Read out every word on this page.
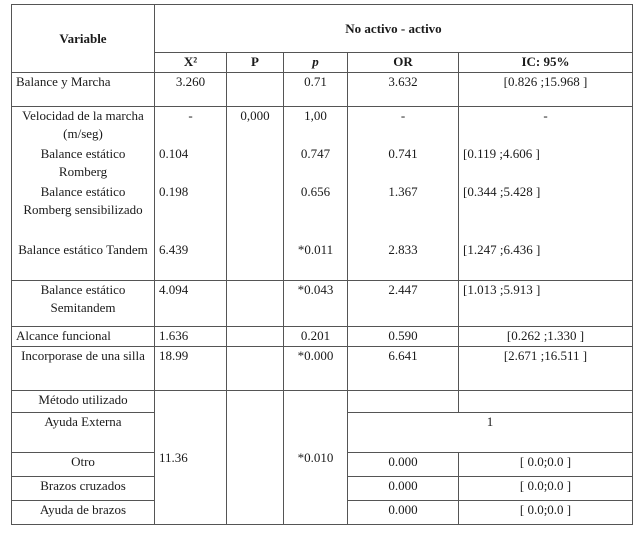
Variable	No activo - activo				
	X²	P	p	OR	IC: 95%
Balance y Marcha	3.260		0.71	3.632	[0.826 ;15.968 ]
Velocidad de la marcha (m/seg)	-	0,000	1,00	-	-
Balance estático Romberg	0.104		0.747	0.741	[0.119 ;4.606 ]
Balance estático Romberg sensibilizado	0.198		0.656	1.367	[0.344 ;5.428 ]
Balance estático Tandem	6.439		*0.011	2.833	[1.247 ;6.436 ]
Balance estático Semitandem	4.094		*0.043	2.447	[1.013 ;5.913 ]
Alcance funcional	1.636		0.201	0.590	[0.262 ;1.330 ]
Incorporase de una silla	18.99		*0.000	6.641	[2.671 ;16.511 ]
Método utilizado	11.36		*0.010		
Ayuda Externa				1	
Otro				0.000	[ 0.0;0.0 ]
Brazos cruzados				0.000	[ 0.0;0.0 ]
Ayuda de brazos				0.000	[ 0.0;0.0 ]
